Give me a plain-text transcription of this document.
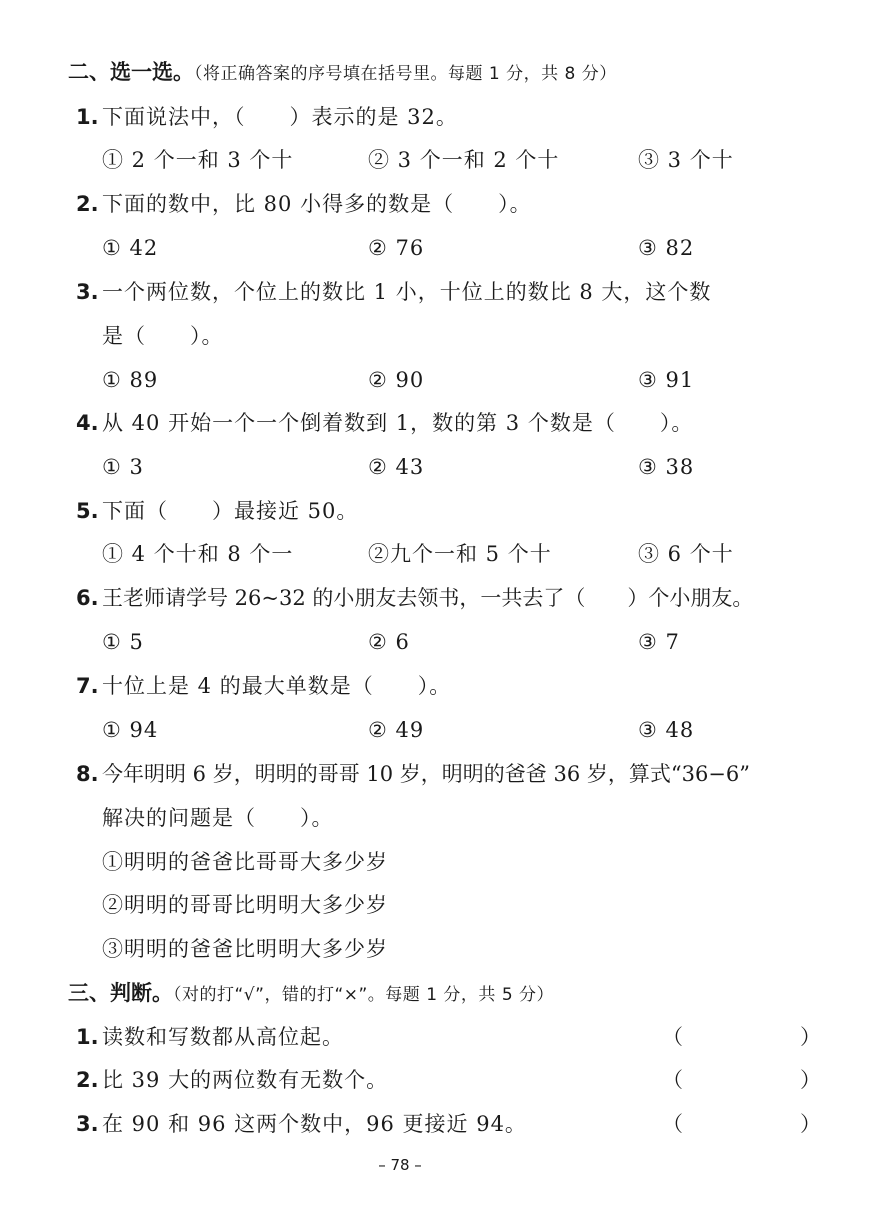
二、选一选。（将正确答案的序号填在括号里。每题 1 分，共 8 分）
1. 下面说法中，（　　）表示的是 32。
① 2 个一和 3 个十	② 3 个一和 2 个十	③ 3 个十
2. 下面的数中，比 80 小得多的数是（　　）。
① 42	② 76	③ 82
3. 一个两位数，个位上的数比 1 小，十位上的数比 8 大，这个数
是（　　）。
① 89	② 90	③ 91
4. 从 40 开始一个一个倒着数到 1，数的第 3 个数是（　　）。
① 3	② 43	③ 38
5. 下面（　　）最接近 50。
① 4 个十和 8 个一	②九个一和 5 个十	③ 6 个十
6. 王老师请学号 26~32 的小朋友去领书，一共去了（　　）个小朋友。
① 5	② 6	③ 7
7. 十位上是 4 的最大单数是（　　）。
① 94	② 49	③ 48
8. 今年明明 6 岁，明明的哥哥 10 岁，明明的爸爸 36 岁，算式“36−6”
解决的问题是（　　）。
①明明的爸爸比哥哥大多少岁
②明明的哥哥比明明大多少岁
③明明的爸爸比明明大多少岁
三、判断。（对的打“√”，错的打“×”。每题 1 分，共 5 分）
1. 读数和写数都从高位起。	（　）
2. 比 39 大的两位数有无数个。	（　）
3. 在 90 和 96 这两个数中，96 更接近 94。	（　）
– 78 –
